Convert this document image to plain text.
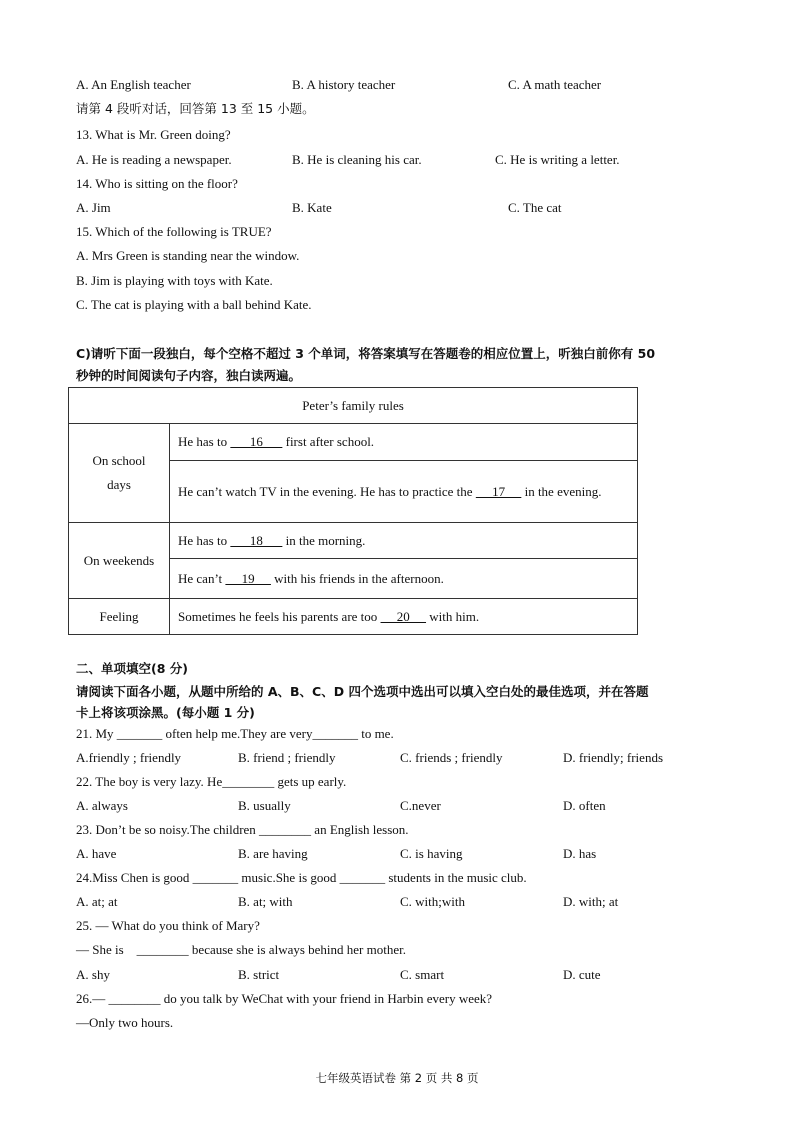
A. An English teacher	B. A history teacher	C. A math teacher
请第 4 段听对话，回答第 13 至 15 小题。
13. What is Mr. Green doing?
A. He is reading a newspaper.	B. He is cleaning his car.	C. He is writing a letter.
14. Who is sitting on the floor?
A. Jim	B. Kate	C. The cat
15. Which of the following is TRUE?
A. Mrs Green is standing near the window.
B. Jim is playing with toys with Kate.
C. The cat is playing with a ball behind Kate.
C)请听下面一段独白，每个空格不超过 3 个单词，将答案填写在答题卷的相应位置上，听独白前你有 50
秒钟的时间阅读句子内容，独白读两遍。
Peter’s family rules	
On school days	He has to       16       first after school.
	He can’t watch TV in the evening. He has to practice the      17      in the evening.
On weekends	He has to       18       in the morning.
	He can’t      19      with his friends in the afternoon.
Feeling	Sometimes he feels his parents are too      20      with him.
二、单项填空(8 分)
请阅读下面各小题，从题中所给的 A、B、C、D 四个选项中选出可以填入空白处的最佳选项，并在答题
卡上将该项涂黑。(每小题 1 分)
21. My _______ often help me.They are very_______ to me.
A.friendly ; friendly	B. friend ; friendly	C. friends ; friendly	D. friendly; friends
22. The boy is very lazy. He________ gets up early.
A. always	B. usually	C.never	D. often
23. Don’t be so noisy.The children ________ an English lesson.
A. have	B. are having	C. is having	D. has
24.Miss Chen is good _______ music.She is good _______ students in the music club.
A. at; at	B. at; with	C. with;with	D. with; at
25. — What do you think of Mary?
— She is    ________ because she is always behind her mother.
A. shy	B. strict	C. smart	D. cute
26.— ________ do you talk by WeChat with your friend in Harbin every week?
—Only two hours.
七年级英语试卷 第 2 页 共 8 页
